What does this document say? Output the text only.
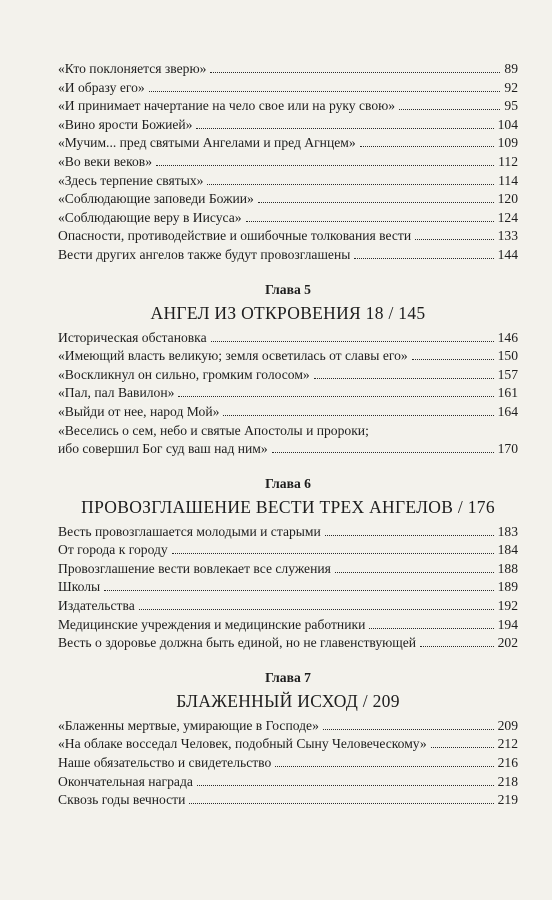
«Кто поклоняется зверю»	89
«И образу его»	92
«И принимает начертание на чело свое или на руку свою»	95
«Вино ярости Божией»	104
«Мучим... пред святыми Ангелами и пред Агнцем»	109
«Во веки веков»	112
«Здесь терпение святых»	114
«Соблюдающие заповеди Божии»	120
«Соблюдающие веру в Иисуса»	124
Опасности, противодействие и ошибочные толкования вести	133
Вести других ангелов также будут провозглашены	144
Глава 5
АНГЕЛ ИЗ ОТКРОВЕНИЯ 18 / 145
Историческая обстановка	146
«Имеющий власть великую; земля осветилась от славы его»	150
«Воскликнул он сильно, громким голосом»	157
«Пал, пал Вавилон»	161
«Выйди от нее, народ Мой»	164
«Веселись о сем, небо и святые Апостолы и пророки;
ибо совершил Бог суд ваш над ним»	170
Глава 6
ПРОВОЗГЛАШЕНИЕ ВЕСТИ ТРЕХ АНГЕЛОВ / 176
Весть провозглашается молодыми и старыми	183
От города к городу	184
Провозглашение вести вовлекает все служения	188
Школы	189
Издательства	192
Медицинские учреждения и медицинские работники	194
Весть о здоровье должна быть единой, но не главенствующей	202
Глава 7
БЛАЖЕННЫЙ ИСХОД / 209
«Блаженны мертвые, умирающие в Господе»	209
«На облаке восседал Человек, подобный Сыну Человеческому»	212
Наше обязательство и свидетельство	216
Окончательная награда	218
Сквозь годы вечности	219
